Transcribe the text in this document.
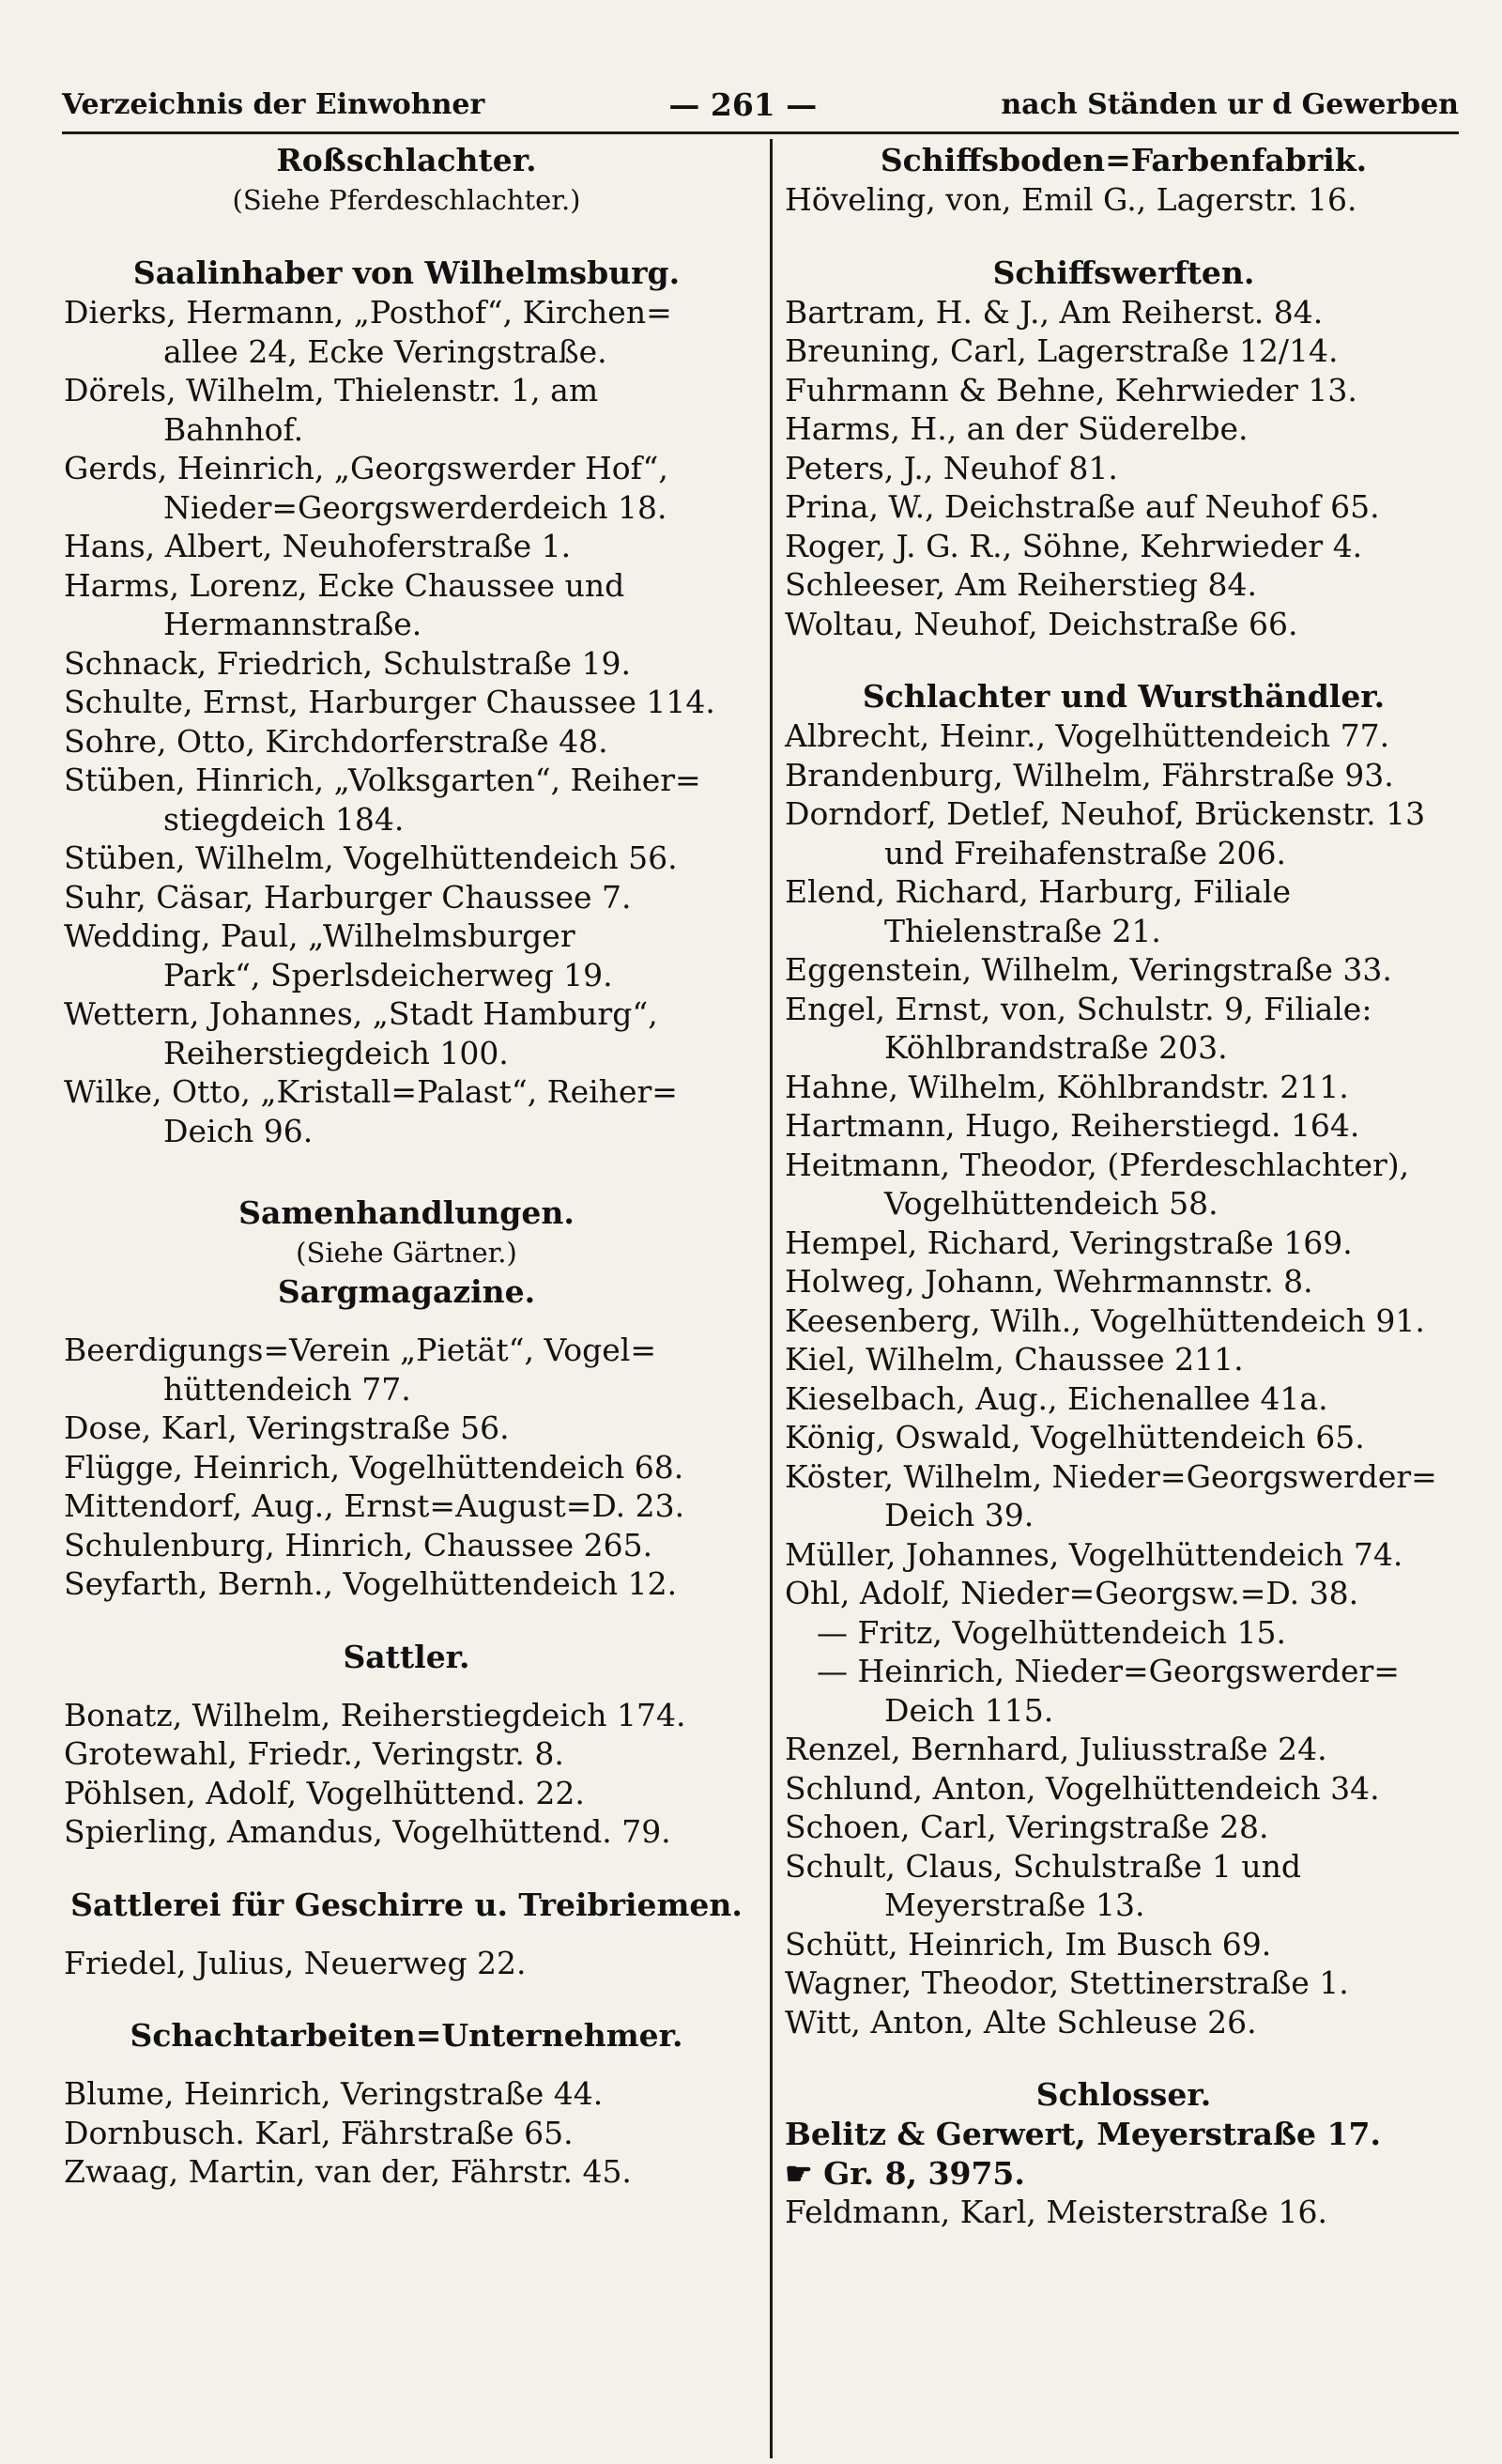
Verzeichnis der Einwohner	— 261 —	nach Ständen ur d Gewerben
Roßschlachter.
(Siehe Pferdeschlachter.)
Saalinhaber von Wilhelmsburg.
Dierks, Hermann, „Posthof“, Kirchen=
allee 24, Ecke Veringstraße.
Dörels, Wilhelm, Thielenstr. 1, am
Bahnhof.
Gerds, Heinrich, „Georgswerder Hof“,
Nieder=Georgswerderdeich 18.
Hans, Albert, Neuhoferstraße 1.
Harms, Lorenz, Ecke Chaussee und
Hermannstraße.
Schnack, Friedrich, Schulstraße 19.
Schulte, Ernst, Harburger Chaussee 114.
Sohre, Otto, Kirchdorferstraße 48.
Stüben, Hinrich, „Volksgarten“, Reiher=
stiegdeich 184.
Stüben, Wilhelm, Vogelhüttendeich 56.
Suhr, Cäsar, Harburger Chaussee 7.
Wedding, Paul, „Wilhelmsburger
Park“, Sperlsdeicherweg 19.
Wettern, Johannes, „Stadt Hamburg“,
Reiherstiegdeich 100.
Wilke, Otto, „Kristall=Palast“, Reiher=
Deich 96.
Samenhandlungen.
(Siehe Gärtner.)
Sargmagazine.
Beerdigungs=Verein „Pietät“, Vogel=
hüttendeich 77.
Dose, Karl, Veringstraße 56.
Flügge, Heinrich, Vogelhüttendeich 68.
Mittendorf, Aug., Ernst=August=D. 23.
Schulenburg, Hinrich, Chaussee 265.
Seyfarth, Bernh., Vogelhüttendeich 12.
Sattler.
Bonatz, Wilhelm, Reiherstiegdeich 174.
Grotewahl, Friedr., Veringstr. 8.
Pöhlsen, Adolf, Vogelhüttend. 22.
Spierling, Amandus, Vogelhüttend. 79.
Sattlerei für Geschirre u. Treibriemen.
Friedel, Julius, Neuerweg 22.
Schachtarbeiten=Unternehmer.
Blume, Heinrich, Veringstraße 44.
Dornbusch. Karl, Fährstraße 65.
Zwaag, Martin, van der, Fährstr. 45.
Schiffsboden=Farbenfabrik.
Höveling, von, Emil G., Lagerstr. 16.
Schiffswerften.
Bartram, H. & J., Am Reiherst. 84.
Breuning, Carl, Lagerstraße 12/14.
Fuhrmann & Behne, Kehrwieder 13.
Harms, H., an der Süderelbe.
Peters, J., Neuhof 81.
Prina, W., Deichstraße auf Neuhof 65.
Roger, J. G. R., Söhne, Kehrwieder 4.
Schleeser, Am Reiherstieg 84.
Woltau, Neuhof, Deichstraße 66.
Schlachter und Wursthändler.
Albrecht, Heinr., Vogelhüttendeich 77.
Brandenburg, Wilhelm, Fährstraße 93.
Dorndorf, Detlef, Neuhof, Brückenstr. 13
und Freihafenstraße 206.
Elend, Richard, Harburg, Filiale
Thielenstraße 21.
Eggenstein, Wilhelm, Veringstraße 33.
Engel, Ernst, von, Schulstr. 9, Filiale:
Köhlbrandstraße 203.
Hahne, Wilhelm, Köhlbrandstr. 211.
Hartmann, Hugo, Reiherstiegd. 164.
Heitmann, Theodor, (Pferdeschlachter),
Vogelhüttendeich 58.
Hempel, Richard, Veringstraße 169.
Holweg, Johann, Wehrmannstr. 8.
Keesenberg, Wilh., Vogelhüttendeich 91.
Kiel, Wilhelm, Chaussee 211.
Kieselbach, Aug., Eichenallee 41a.
König, Oswald, Vogelhüttendeich 65.
Köster, Wilhelm, Nieder=Georgswerder=
Deich 39.
Müller, Johannes, Vogelhüttendeich 74.
Ohl, Adolf, Nieder=Georgsw.=D. 38.
— Fritz, Vogelhüttendeich 15.
— Heinrich, Nieder=Georgswerder=
Deich 115.
Renzel, Bernhard, Juliusstraße 24.
Schlund, Anton, Vogelhüttendeich 34.
Schoen, Carl, Veringstraße 28.
Schult, Claus, Schulstraße 1 und
Meyerstraße 13.
Schütt, Heinrich, Im Busch 69.
Wagner, Theodor, Stettinerstraße 1.
Witt, Anton, Alte Schleuse 26.
Schlosser.
Belitz & Gerwert, Meyerstraße 17.
☛ Gr. 8, 3975.
Feldmann, Karl, Meisterstraße 16.
